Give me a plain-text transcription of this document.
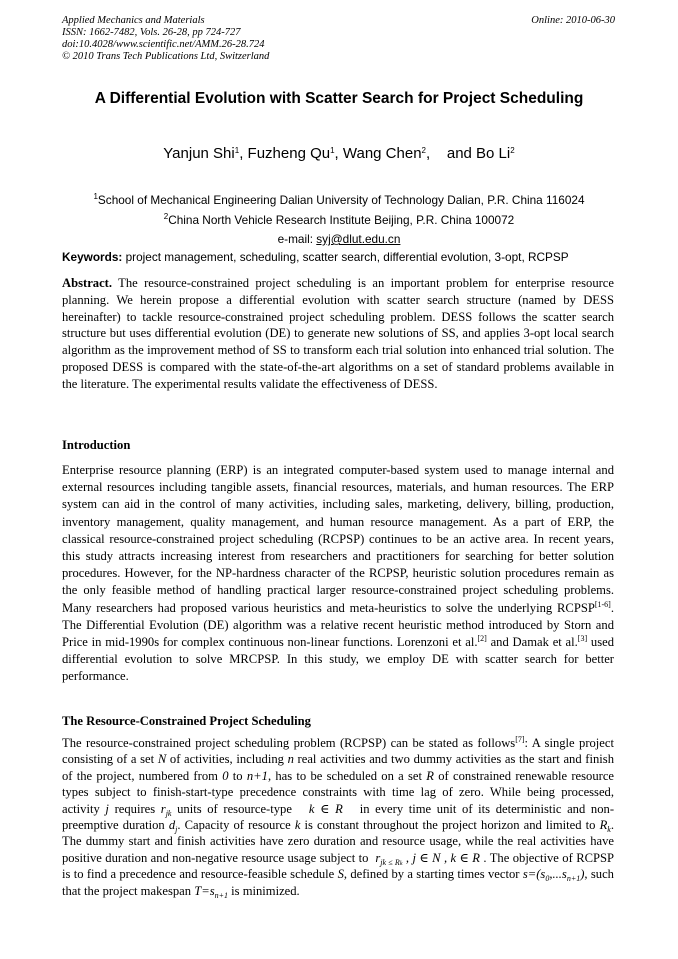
Applied Mechanics and Materials
ISSN: 1662-7482, Vols. 26-28, pp 724-727
doi:10.4028/www.scientific.net/AMM.26-28.724
© 2010 Trans Tech Publications Ltd, Switzerland
Online: 2010-06-30
A Differential Evolution with Scatter Search for Project Scheduling
Yanjun Shi$^1$, Fuzheng Qu$^1$, Wang Chen$^2$,    and Bo Li$^2$
$^1$School of Mechanical Engineering Dalian University of Technology Dalian, P.R. China 116024
$^2$China North Vehicle Research Institute Beijing, P.R. China 100072
e-mail: syj@dlut.edu.cn
Keywords: project management, scheduling, scatter search, differential evolution, 3-opt, RCPSP
Abstract. The resource-constrained project scheduling is an important problem for enterprise resource planning. We herein propose a differential evolution with scatter search structure (named by DESS hereinafter) to tackle resource-constrained project scheduling problem. DESS follows the scatter search structure but uses differential evolution (DE) to generate new solutions of SS, and applies 3-opt local search algorithm as the improvement method of SS to transform each trial solution into enhanced trial solution. The proposed DESS is compared with the state-of-the-art algorithms on a set of standard problems available in the literature. The experimental results validate the effectiveness of DESS.
Introduction
Enterprise resource planning (ERP) is an integrated computer-based system used to manage internal and external resources including tangible assets, financial resources, materials, and human resources. The ERP system can aid in the control of many activities, including sales, marketing, delivery, billing, production, inventory management, quality management, and human resource management. As a part of ERP, the classical resource-constrained project scheduling (RCPSP) continues to be an active area. In recent years, this study attracts increasing interest from researchers and practitioners for searching for better solution procedures. However, for the NP-hardness character of the RCPSP, heuristic solution procedures remain as the only feasible method of handling practical larger resource-constrained project scheduling problems. Many researchers had proposed various heuristics and meta-heuristics to solve the underlying RCPSP[1-6]. The Differential Evolution (DE) algorithm was a relative recent heuristic method introduced by Storn and Price in mid-1990s for complex continuous non-linear functions. Lorenzoni et al.[2] and Damak et al.[3] used differential evolution to solve MRCPSP. In this study, we employ DE with scatter search for better performance.
The Resource-Constrained Project Scheduling
The resource-constrained project scheduling problem (RCPSP) can be stated as follows[7]: A single project consisting of a set N of activities, including n real activities and two dummy activities as the start and finish of the project, numbered from 0 to n+1, has to be scheduled on a set R of constrained renewable resource types subject to finish-start-type precedence constraints with time lag of zero. While being processed, activity j requires $r_{jk}$ units of resource-type   k ∈ R   in every time unit of its deterministic and non-preemptive duration $d_j$. Capacity of resource k is constant throughout the project horizon and limited to $R_k$. The dummy start and finish activities have zero duration and resource usage, while the real activities have positive duration and non-negative resource usage subject to  $r_{jk \le Rk}$ , j ∈ N , k ∈ R . The objective of RCPSP is to find a precedence and resource-feasible schedule S, defined by a starting times vector $s=(s_0,...s_{n+1})$, such that the project makespan $T=s_{n+1}$ is minimized.
